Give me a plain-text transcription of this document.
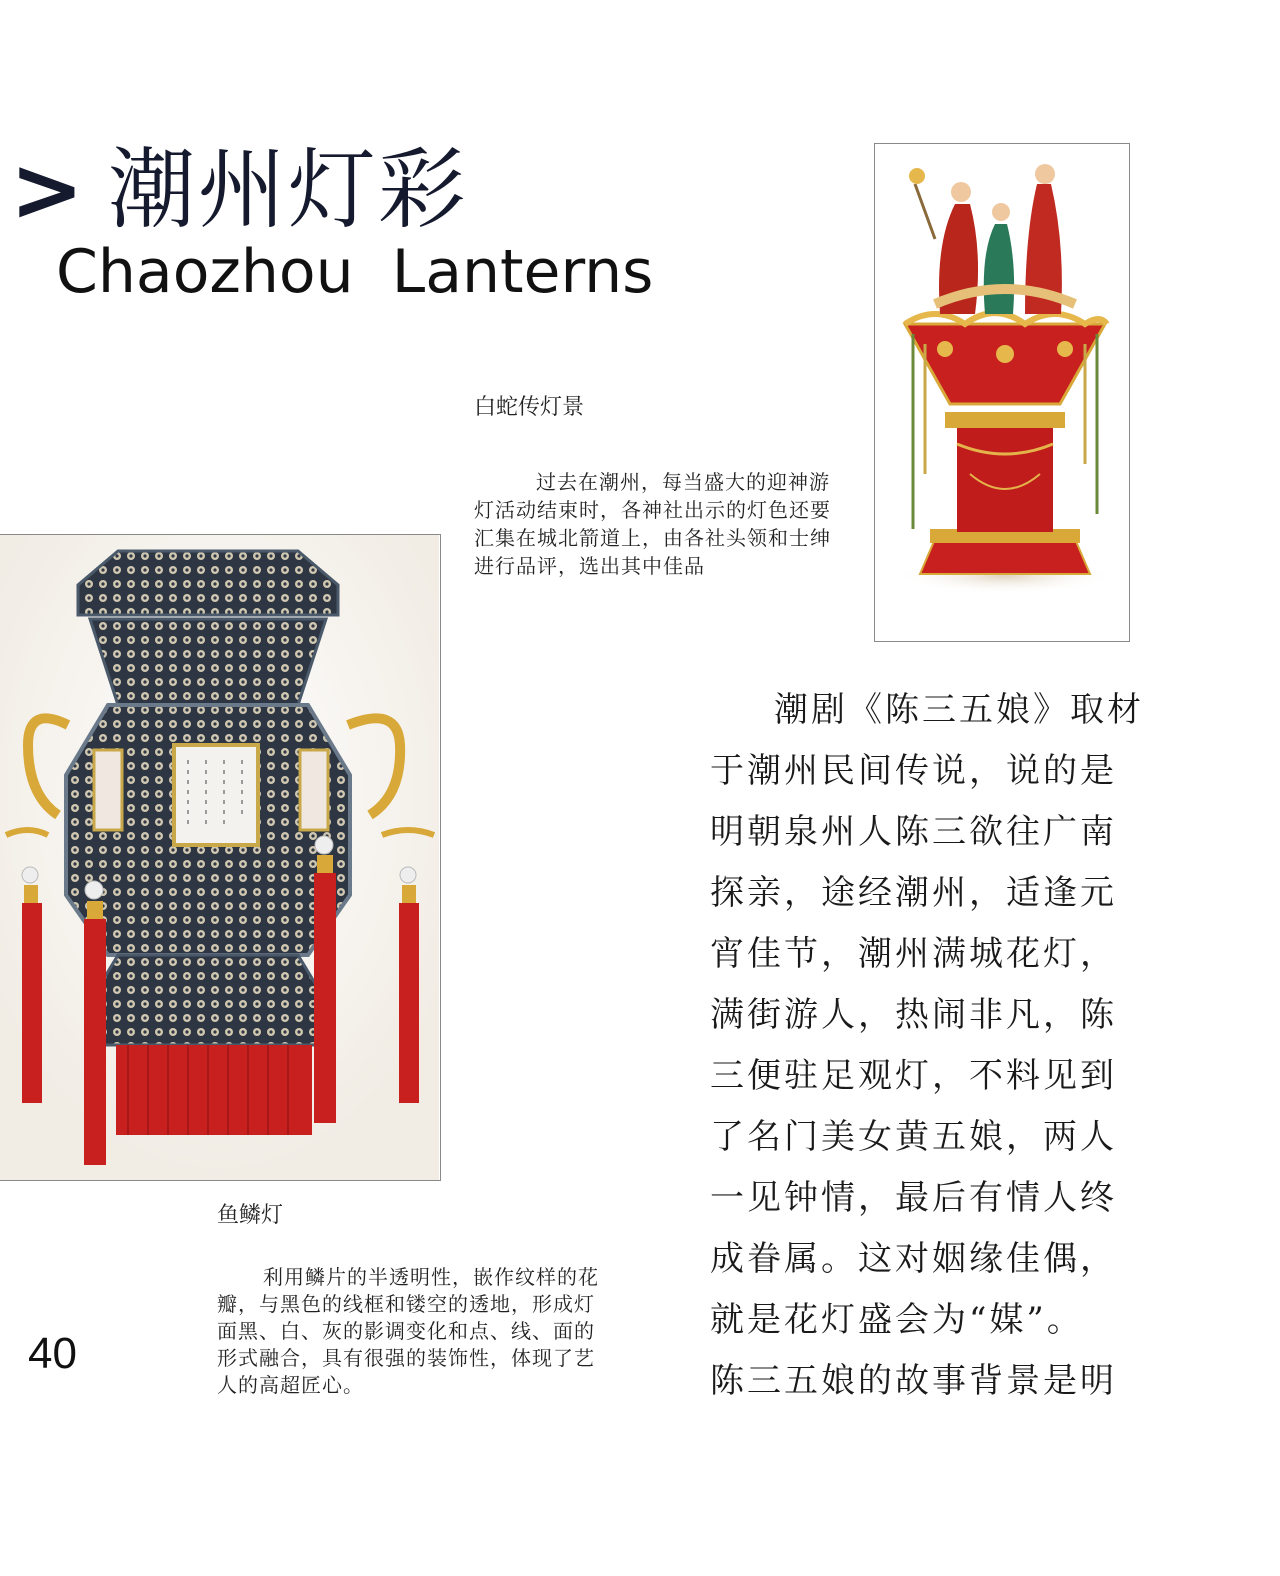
> 潮州灯彩
Chaozhou  Lanterns
白蛇传灯景
过去在潮州，每当盛大的迎神游
灯活动结束时，各神社出示的灯色还要
汇集在城北箭道上，由各社头领和士绅
进行品评，选出其中佳品
鱼鳞灯
利用鳞片的半透明性，嵌作纹样的花
瓣，与黑色的线框和镂空的透地，形成灯
面黑、白、灰的影调变化和点、线、面的
形式融合，具有很强的装饰性，体现了艺
人的高超匠心。
40
潮剧《陈三五娘》取材
于潮州民间传说，说的是
明朝泉州人陈三欲往广南
探亲，途经潮州，适逢元
宵佳节，潮州满城花灯，
满街游人，热闹非凡，陈
三便驻足观灯，不料见到
了名门美女黄五娘，两人
一见钟情，最后有情人终
成眷属。这对姻缘佳偶，
就是花灯盛会为“媒”。
陈三五娘的故事背景是明
